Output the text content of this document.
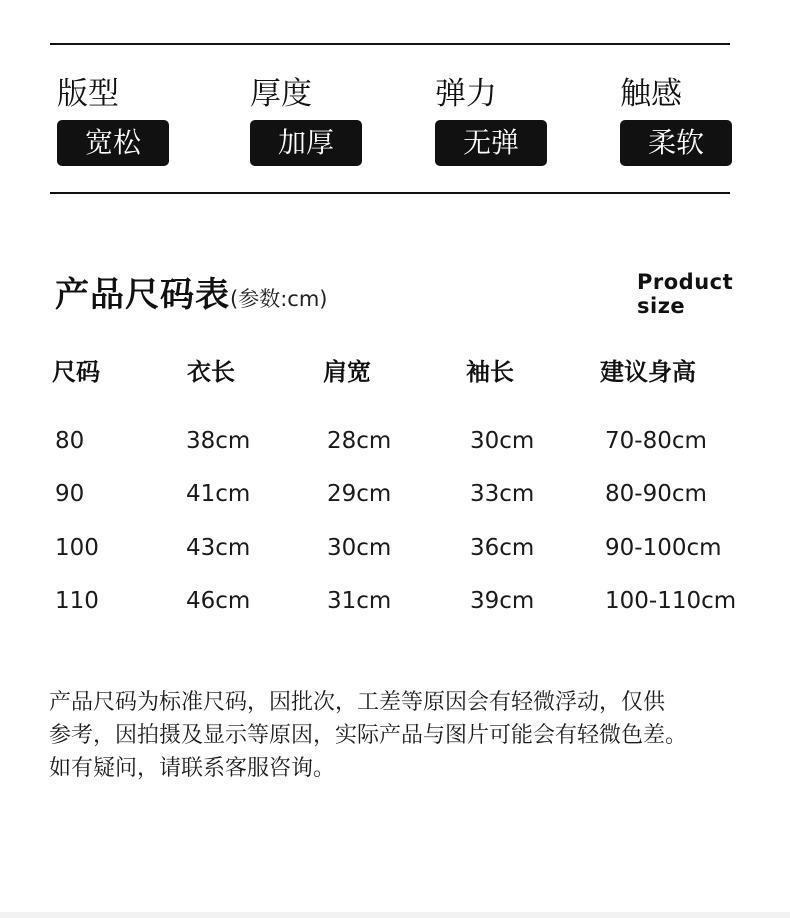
版型
宽松
厚度
加厚
弹力
无弹
触感
柔软
产品尺码表(参数:cm)
Product
size
尺码	衣长	肩宽	袖长	建议身高
80	38cm	28cm	30cm	70-80cm
90	41cm	29cm	33cm	80-90cm
100	43cm	30cm	36cm	90-100cm
110	46cm	31cm	39cm	100-110cm
产品尺码为标准尺码，因批次，工差等原因会有轻微浮动，仅供
参考，因拍摄及显示等原因，实际产品与图片可能会有轻微色差。
如有疑问，请联系客服咨询。
